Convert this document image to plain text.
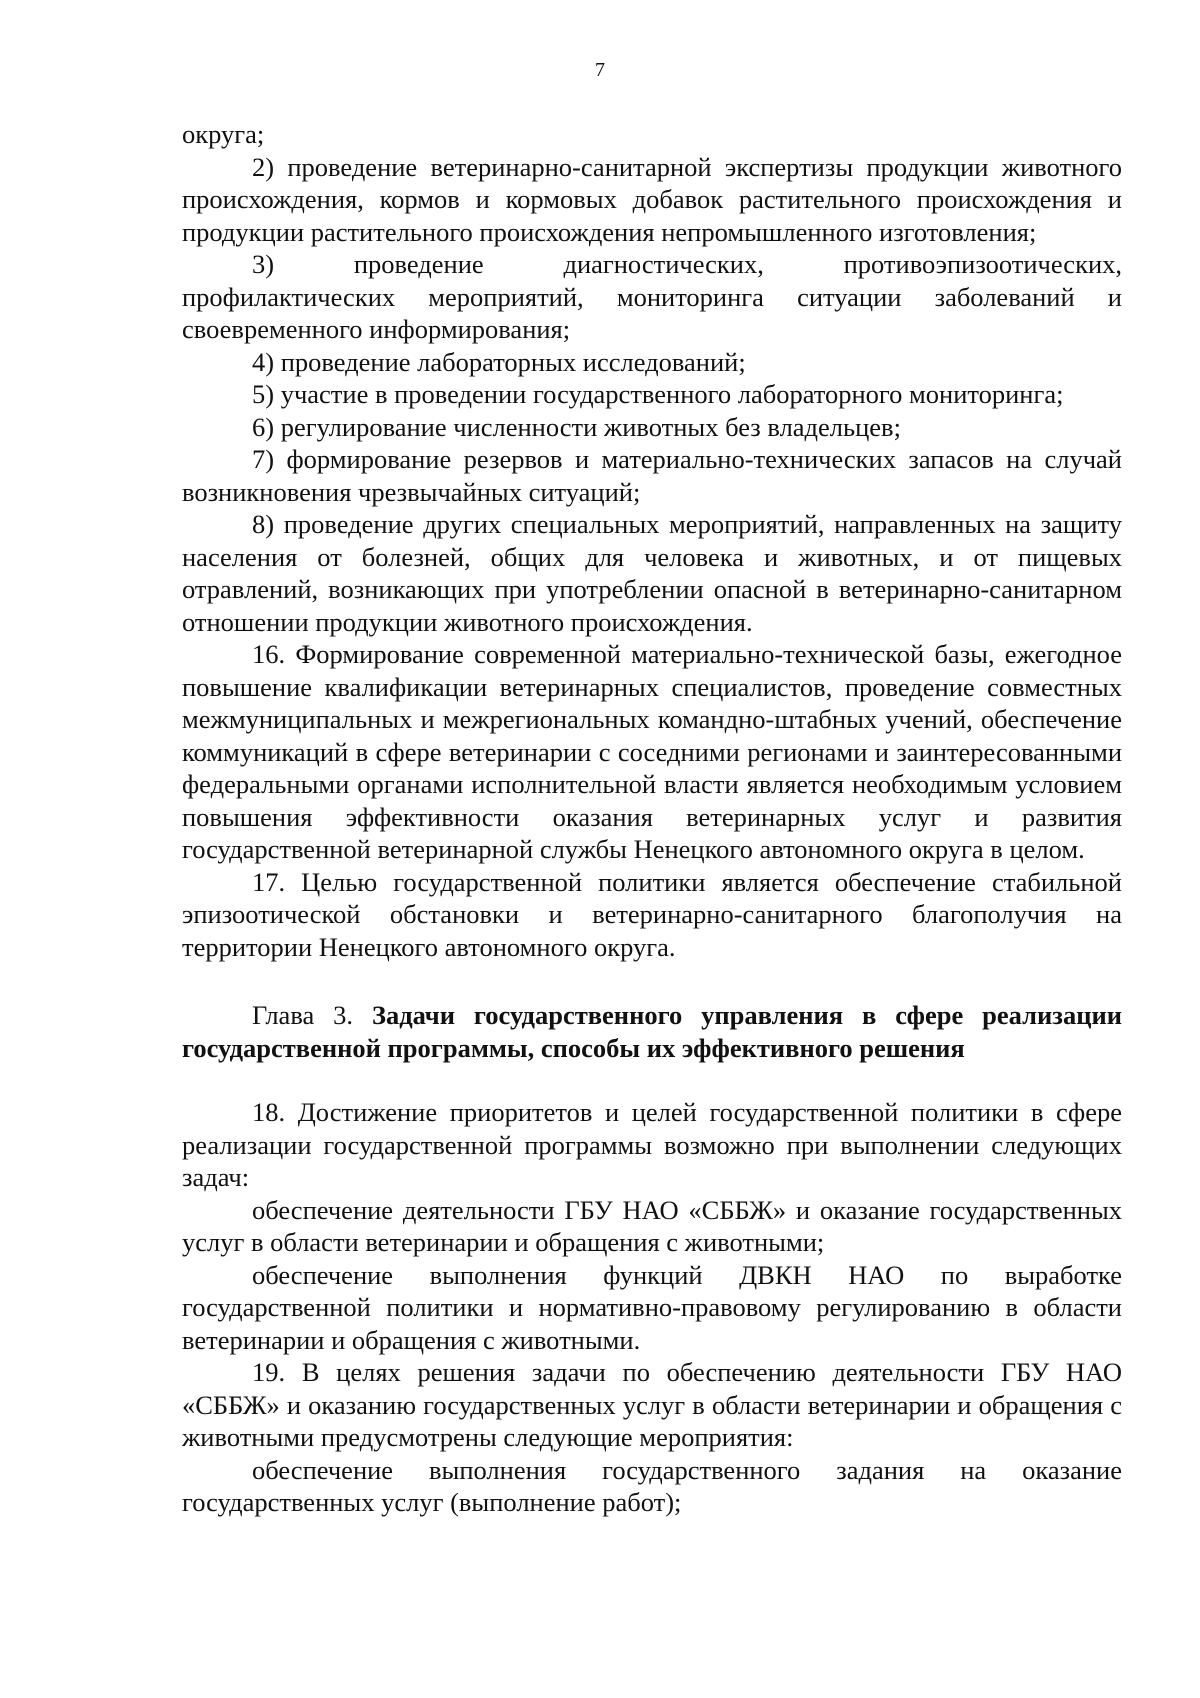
7

округа;

2) проведение ветеринарно-санитарной экспертизы продукции животного происхождения, кормов и кормовых добавок растительного происхождения и продукции растительного происхождения непромышленного изготовления;

3) проведение диагностических, противоэпизоотических, профилактических мероприятий, мониторинга ситуации заболеваний и своевременного информирования;

4) проведение лабораторных исследований;

5) участие в проведении государственного лабораторного мониторинга;

6) регулирование численности животных без владельцев;

7) формирование резервов и материально-технических запасов на случай возникновения чрезвычайных ситуаций;

8) проведение других специальных мероприятий, направленных на защиту населения от болезней, общих для человека и животных, и от пищевых отравлений, возникающих при употреблении опасной в ветеринарно-санитарном отношении продукции животного происхождения.

16. Формирование современной материально-технической базы, ежегодное повышение квалификации ветеринарных специалистов, проведение совместных межмуниципальных и межрегиональных командно-штабных учений, обеспечение коммуникаций в сфере ветеринарии с соседними регионами и заинтересованными федеральными органами исполнительной власти является необходимым условием повышения эффективности оказания ветеринарных услуг и развития государственной ветеринарной службы Ненецкого автономного округа в целом.

17. Целью государственной политики является обеспечение стабильной эпизоотической обстановки и ветеринарно-санитарного благополучия на территории Ненецкого автономного округа.

Глава 3. Задачи государственного управления в сфере реализации государственной программы, способы их эффективного решения

18. Достижение приоритетов и целей государственной политики в сфере реализации государственной программы возможно при выполнении следующих задач:

обеспечение деятельности ГБУ НАО «СББЖ» и оказание государственных услуг в области ветеринарии и обращения с животными;

обеспечение выполнения функций ДВКН НАО по выработке государственной политики и нормативно-правовому регулированию в области ветеринарии и обращения с животными.

19. В целях решения задачи по обеспечению деятельности ГБУ НАО «СББЖ» и оказанию государственных услуг в области ветеринарии и обращения с животными предусмотрены следующие мероприятия:

обеспечение выполнения государственного задания на оказание государственных услуг (выполнение работ);
